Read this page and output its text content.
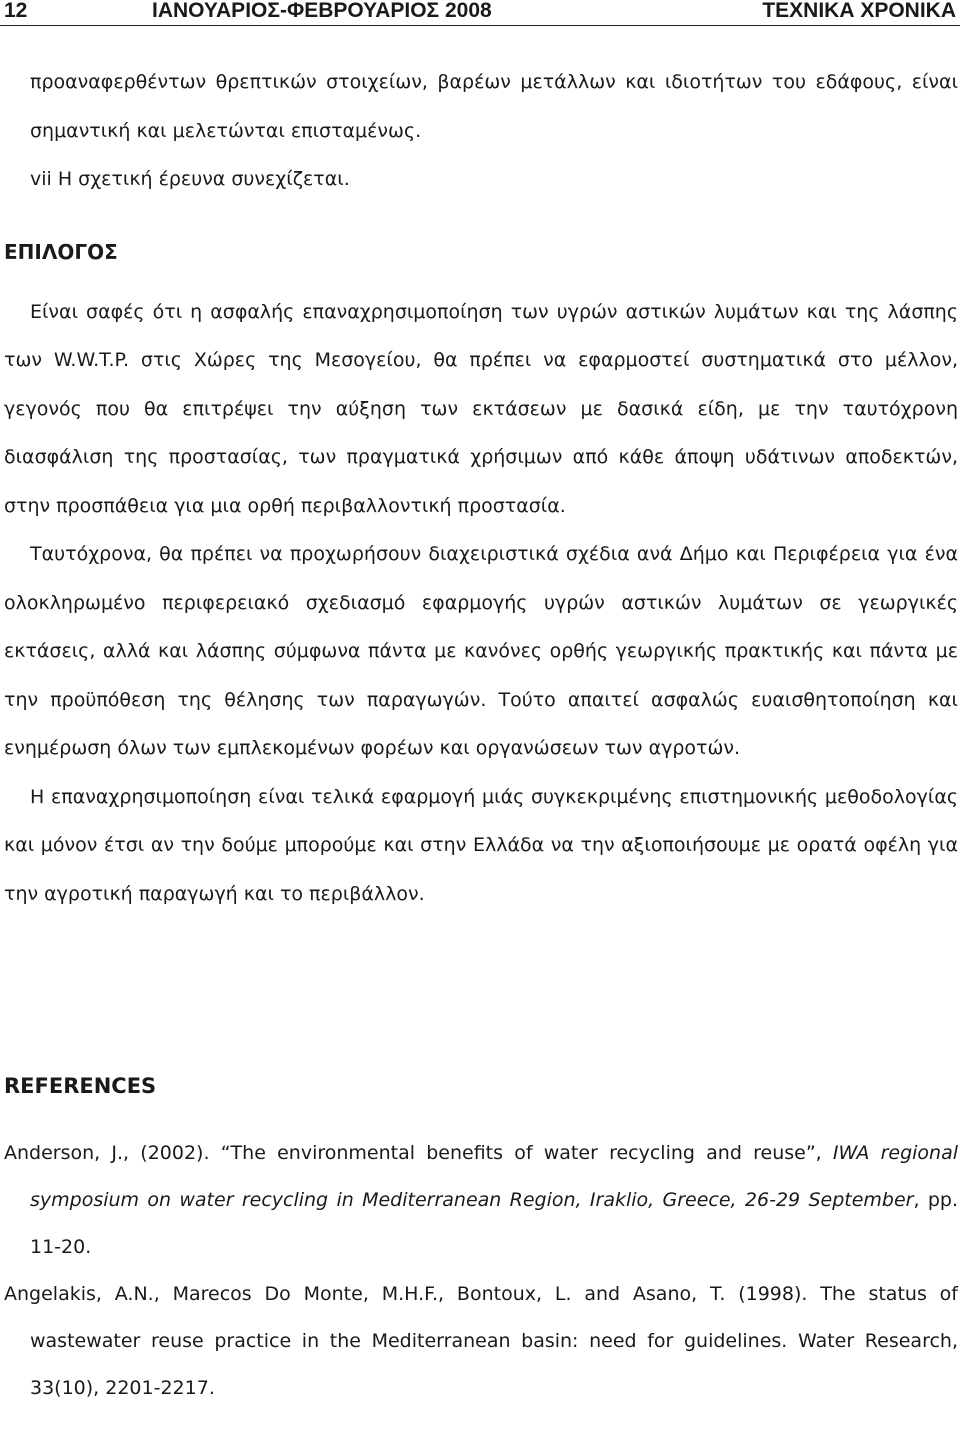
12	ΙΑΝΟΥΑΡΙΟΣ-ΦΕΒΡΟΥΑΡΙΟΣ 2008	ΤΕΧΝΙΚΑ ΧΡΟΝΙΚΑ

προαναφερθέντων θρεπτικών στοιχείων, βαρέων μετάλλων και ιδιοτήτων του εδάφους, είναι σημαντική και μελετώνται επισταμένως.

vii Η σχετική έρευνα συνεχίζεται.

ΕΠΙΛΟΓΟΣ

Είναι σαφές ότι η ασφαλής επαναχρησιμοποίηση των υγρών αστικών λυμάτων και της λάσπης των W.W.T.P. στις Χώρες της Μεσογείου, θα πρέπει να εφαρμοστεί συστηματικά στο μέλλον, γεγονός που θα επιτρέψει την αύξηση των εκτάσεων με δασικά είδη, με την ταυτόχρονη διασφάλιση της προστασίας, των πραγματικά χρήσιμων από κάθε άποψη υδάτινων αποδεκτών, στην προσπάθεια για μια ορθή περιβαλλοντική προστασία.

Ταυτόχρονα, θα πρέπει να προχωρήσουν διαχειριστικά σχέδια ανά Δήμο και Περιφέρεια για ένα ολοκληρωμένο περιφερειακό σχεδιασμό εφαρμογής υγρών αστικών λυμάτων σε γεωργικές εκτάσεις, αλλά και λάσπης σύμφωνα πάντα με κανόνες ορθής γεωργικής πρακτικής και πάντα με την προϋπόθεση της θέλησης των παραγωγών. Τούτο απαιτεί ασφαλώς ευαισθητοποίηση και ενημέρωση όλων των εμπλεκομένων φορέων και οργανώσεων των αγροτών.

Η επαναχρησιμοποίηση είναι τελικά εφαρμογή μιάς συγκεκριμένης επιστημονικής μεθοδολογίας και μόνον έτσι αν την δούμε μπορούμε και στην Ελλάδα να την αξιοποιήσουμε με ορατά οφέλη για την αγροτική παραγωγή και το περιβάλλον.

REFERENCES

Anderson, J., (2002). “The environmental benefits of water recycling and reuse”, IWA regional symposium on water recycling in Mediterranean Region, Iraklio, Greece, 26-29 September, pp. 11-20.

Angelakis, A.N., Marecos Do Monte, M.H.F., Bontoux, L. and Asano, T. (1998). The status of wastewater reuse practice in the Mediterranean basin: need for guidelines. Water Research, 33(10), 2201-2217.
